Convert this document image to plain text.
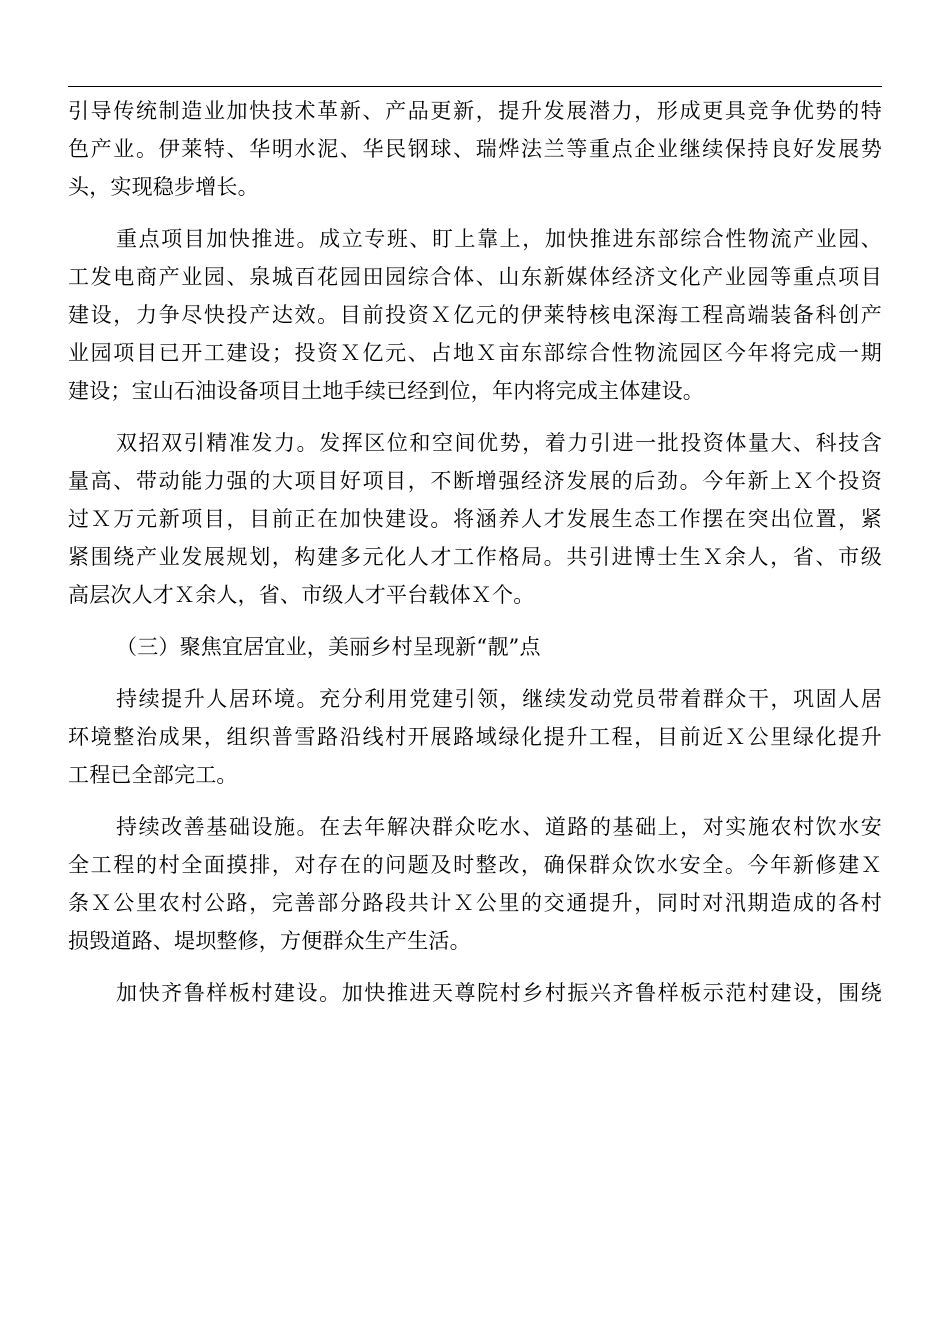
引导传统制造业加快技术革新、产品更新，提升发展潜力，形成更具竞争优势的特
色产业。伊莱特、华明水泥、华民钢球、瑞烨法兰等重点企业继续保持良好发展势
头，实现稳步增长。
重点项目加快推进。成立专班、盯上靠上，加快推进东部综合性物流产业园、
工发电商产业园、泉城百花园田园综合体、山东新媒体经济文化产业园等重点项目
建设，力争尽快投产达效。目前投资Ｘ亿元的伊莱特核电深海工程高端装备科创产
业园项目已开工建设；投资Ｘ亿元、占地Ｘ亩东部综合性物流园区今年将完成一期
建设；宝山石油设备项目土地手续已经到位，年内将完成主体建设。
双招双引精准发力。发挥区位和空间优势，着力引进一批投资体量大、科技含
量高、带动能力强的大项目好项目，不断增强经济发展的后劲。今年新上Ｘ个投资
过Ｘ万元新项目，目前正在加快建设。将涵养人才发展生态工作摆在突出位置，紧
紧围绕产业发展规划，构建多元化人才工作格局。共引进博士生Ｘ余人，省、市级
高层次人才Ｘ余人，省、市级人才平台载体Ｘ个。
（三）聚焦宜居宜业，美丽乡村呈现新“靓”点
持续提升人居环境。充分利用党建引领，继续发动党员带着群众干，巩固人居
环境整治成果，组织普雪路沿线村开展路域绿化提升工程，目前近Ｘ公里绿化提升
工程已全部完工。
持续改善基础设施。在去年解决群众吃水、道路的基础上，对实施农村饮水安
全工程的村全面摸排，对存在的问题及时整改，确保群众饮水安全。今年新修建Ｘ
条Ｘ公里农村公路，完善部分路段共计Ｘ公里的交通提升，同时对汛期造成的各村
损毁道路、堤坝整修，方便群众生产生活。
加快齐鲁样板村建设。加快推进天尊院村乡村振兴齐鲁样板示范村建设，围绕
